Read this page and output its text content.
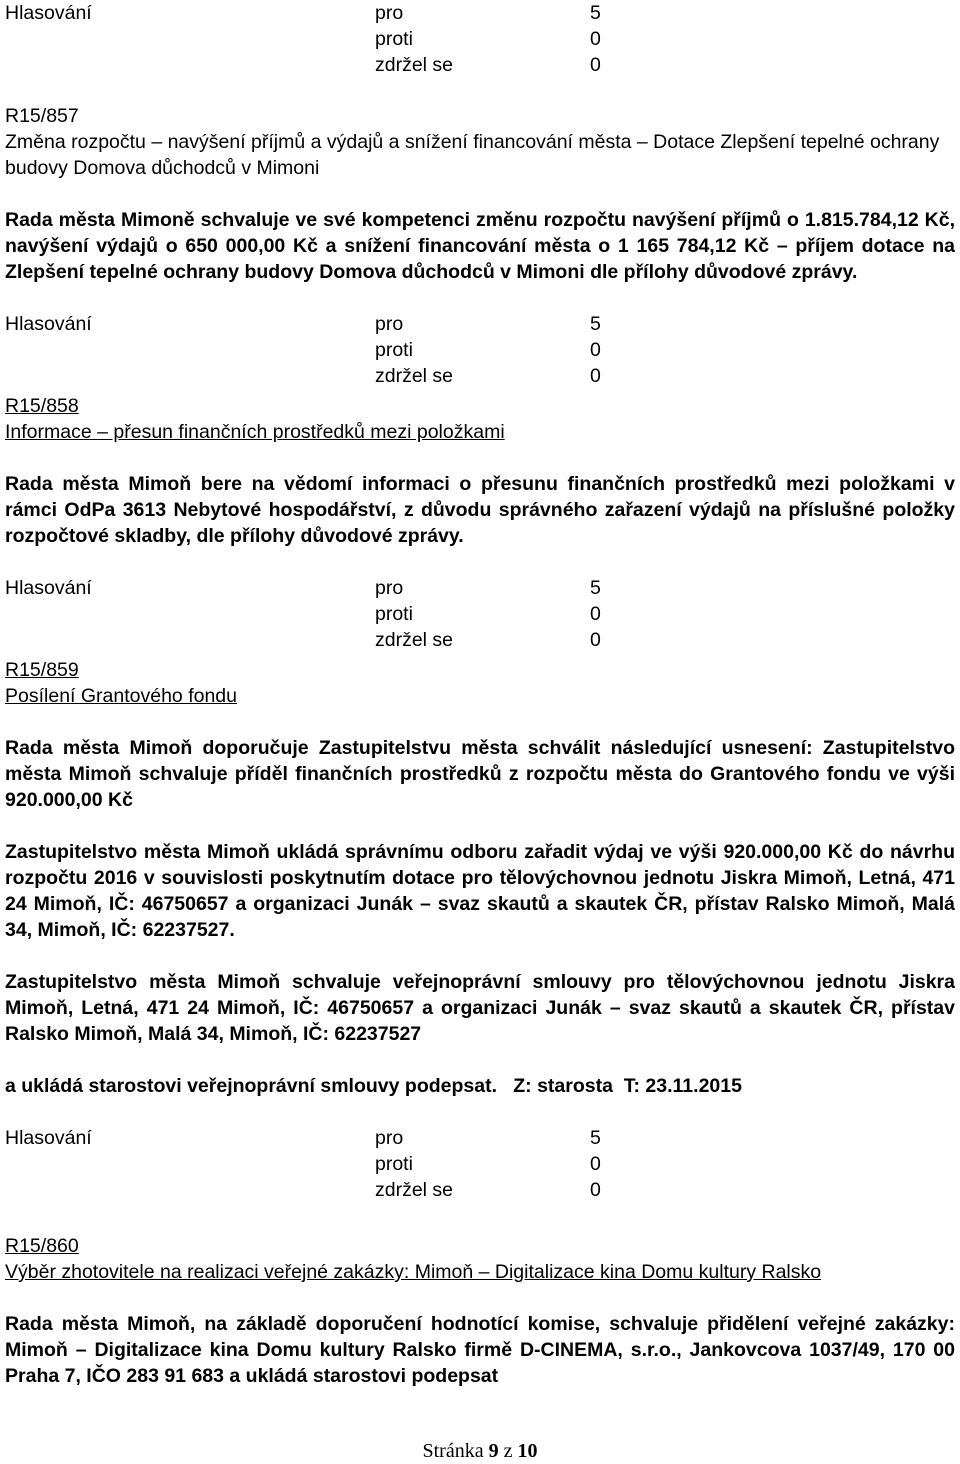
Hlasování	pro	5
proti	0
zdržel se	0
R15/857
Změna rozpočtu – navýšení příjmů a výdajů a snížení financování města – Dotace Zlepšení tepelné ochrany budovy Domova důchodců v Mimoni

Rada města Mimoně schvaluje ve své kompetenci změnu rozpočtu navýšení příjmů o 1.815.784,12 Kč, navýšení výdajů o 650 000,00 Kč a snížení financování města o 1 165 784,12 Kč – příjem dotace na Zlepšení tepelné ochrany budovy Domova důchodců v Mimoni dle přílohy důvodové zprávy.

Hlasování	pro	5
proti	0
zdržel se	0
R15/858
Informace – přesun finančních prostředků mezi položkami

Rada města Mimoň bere na vědomí informaci o přesunu finančních prostředků mezi položkami v rámci OdPa 3613 Nebytové hospodářství, z důvodu správného zařazení výdajů na příslušné položky rozpočtové skladby, dle přílohy důvodové zprávy.

Hlasování	pro	5
proti	0
zdržel se	0
R15/859
Posílení Grantového fondu

Rada města Mimoň doporučuje Zastupitelstvu města schválit následující usnesení: Zastupitelstvo města Mimoň schvaluje příděl finančních prostředků z rozpočtu města do Grantového fondu ve výši 920.000,00 Kč

Zastupitelstvo města Mimoň ukládá správnímu odboru zařadit výdaj ve výši 920.000,00 Kč do návrhu rozpočtu 2016 v souvislosti poskytnutím dotace pro tělovýchovnou jednotu Jiskra Mimoň, Letná, 471 24 Mimoň, IČ: 46750657 a organizaci Junák – svaz skautů a skautek ČR, přístav Ralsko Mimoň, Malá 34, Mimoň, IČ: 62237527.

Zastupitelstvo města Mimoň schvaluje veřejnoprávní smlouvy pro tělovýchovnou jednotu Jiskra Mimoň, Letná, 471 24 Mimoň, IČ: 46750657 a organizaci Junák – svaz skautů a skautek ČR, přístav Ralsko Mimoň, Malá 34, Mimoň, IČ: 62237527

a ukládá starostovi veřejnoprávní smlouvy podepsat.   Z: starosta  T: 23.11.2015

Hlasování	pro	5
proti	0
zdržel se	0
R15/860
Výběr zhotovitele na realizaci veřejné zakázky: Mimoň – Digitalizace kina Domu kultury Ralsko

Rada města Mimoň, na základě doporučení hodnotící komise, schvaluje přidělení veřejné zakázky: Mimoň – Digitalizace kina Domu kultury Ralsko firmě D-CINEMA, s.r.o., Jankovcova 1037/49, 170 00 Praha 7, IČO 283 91 683 a ukládá starostovi podepsat

Stránka 9 z 10
